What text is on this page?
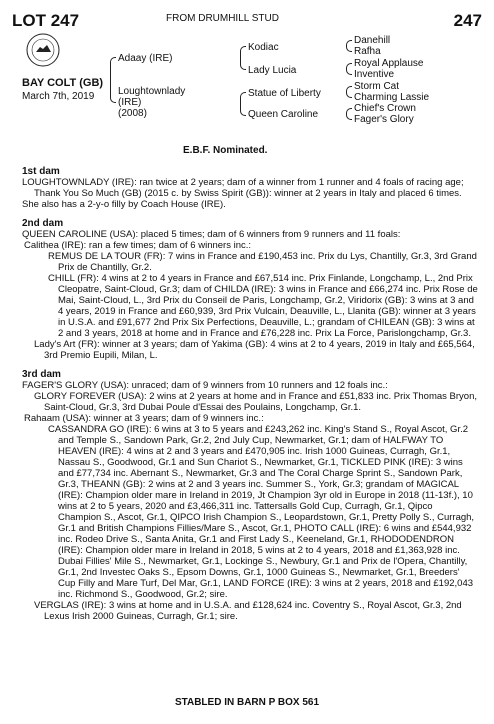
LOT 247	FROM DRUMHILL STUD	247
BAY COLT (GB)
March 7th, 2019
Adaay (IRE)
Loughtownlady
(IRE)
(2008)
Kodiac
Lady Lucia
Statue of Liberty
Queen Caroline
Danehill
Rafha
Royal Applause
Inventive
Storm Cat
Charming Lassie
Chief's Crown
Fager's Glory
E.B.F. Nominated.

1st dam

LOUGHTOWNLADY (IRE): ran twice at 2 years; dam of a winner from 1 runner and 4 foals of racing age;

Thank You So Much (GB) (2015 c. by Swiss Spirit (GB)): winner at 2 years in Italy and placed 6 times.

She also has a 2-y-o filly by Coach House (IRE).

2nd dam

QUEEN CAROLINE (USA): placed 5 times; dam of 6 winners from 9 runners and 11 foals:

Calithea (IRE): ran a few times; dam of 6 winners inc.:

REMUS DE LA TOUR (FR): 7 wins in France and £190,453 inc. Prix du Lys, Chantilly, Gr.3, 3rd Grand Prix de Chantilly, Gr.2.

CHILL (FR): 4 wins at 2 to 4 years in France and £67,514 inc. Prix Finlande, Longchamp, L., 2nd Prix Cleopatre, Saint-Cloud, Gr.3; dam of CHILDA (IRE): 3 wins in France and £66,274 inc. Prix Rose de Mai, Saint-Cloud, L., 3rd Prix du Conseil de Paris, Longchamp, Gr.2, Viridorix (GB): 3 wins at 3 and 4 years, 2019 in France and £60,939, 3rd Prix Vulcain, Deauville, L., Llanita (GB): winner at 3 years in U.S.A. and £91,677 2nd Prix Six Perfections, Deauville, L.; grandam of CHILEAN (GB): 3 wins at 2 and 3 years, 2018 at home and in France and £76,228 inc. Prix La Force, Parislongchamp, Gr.3.

Lady's Art (FR): winner at 3 years; dam of Yakima (GB): 4 wins at 2 to 4 years, 2019 in Italy and £65,564, 3rd Premio Eupili, Milan, L.

3rd dam

FAGER'S GLORY (USA): unraced; dam of 9 winners from 10 runners and 12 foals inc.:

GLORY FOREVER (USA): 2 wins at 2 years at home and in France and £51,833 inc. Prix Thomas Bryon, Saint-Cloud, Gr.3, 3rd Dubai Poule d'Essai des Poulains, Longchamp, Gr.1.

Rahaam (USA): winner at 3 years; dam of 9 winners inc.:

CASSANDRA GO (IRE): 6 wins at 3 to 5 years and £243,262 inc. King's Stand S., Royal Ascot, Gr.2 and Temple S., Sandown Park, Gr.2, 2nd July Cup, Newmarket, Gr.1; dam of HALFWAY TO HEAVEN (IRE): 4 wins at 2 and 3 years and £470,905 inc. Irish 1000 Guineas, Curragh, Gr.1, Nassau S., Goodwood, Gr.1 and Sun Chariot S., Newmarket, Gr.1, TICKLED PINK (IRE): 3 wins and £77,734 inc. Abernant S., Newmarket, Gr.3 and The Coral Charge Sprint S., Sandown Park, Gr.3, THEANN (GB): 2 wins at 2 and 3 years inc. Summer S., York, Gr.3; grandam of MAGICAL (IRE): Champion older mare in Ireland in 2019, Jt Champion 3yr old in Europe in 2018 (11-13f.), 10 wins at 2 to 5 years, 2020 and £3,466,311 inc. Tattersalls Gold Cup, Curragh, Gr.1, Qipco Champion S., Ascot, Gr.1, QIPCO Irish Champion S., Leopardstown, Gr.1, Pretty Polly S., Curragh, Gr.1 and British Champions Fillies/Mare S., Ascot, Gr.1, PHOTO CALL (IRE): 6 wins and £544,932 inc. Rodeo Drive S., Santa Anita, Gr.1 and First Lady S., Keeneland, Gr.1, RHODODENDRON (IRE): Champion older mare in Ireland in 2018, 5 wins at 2 to 4 years, 2018 and £1,363,928 inc. Dubai Fillies' Mile S., Newmarket, Gr.1, Lockinge S., Newbury, Gr.1 and Prix de l'Opera, Chantilly, Gr.1, 2nd Investec Oaks S., Epsom Downs, Gr.1, 1000 Guineas S., Newmarket, Gr.1, Breeders' Cup Filly and Mare Turf, Del Mar, Gr.1, LAND FORCE (IRE): 3 wins at 2 years, 2018 and £192,043 inc. Richmond S., Goodwood, Gr.2; sire.

VERGLAS (IRE): 3 wins at home and in U.S.A. and £128,624 inc. Coventry S., Royal Ascot, Gr.3, 2nd Lexus Irish 2000 Guineas, Curragh, Gr.1; sire.

STABLED IN BARN P BOX 561
